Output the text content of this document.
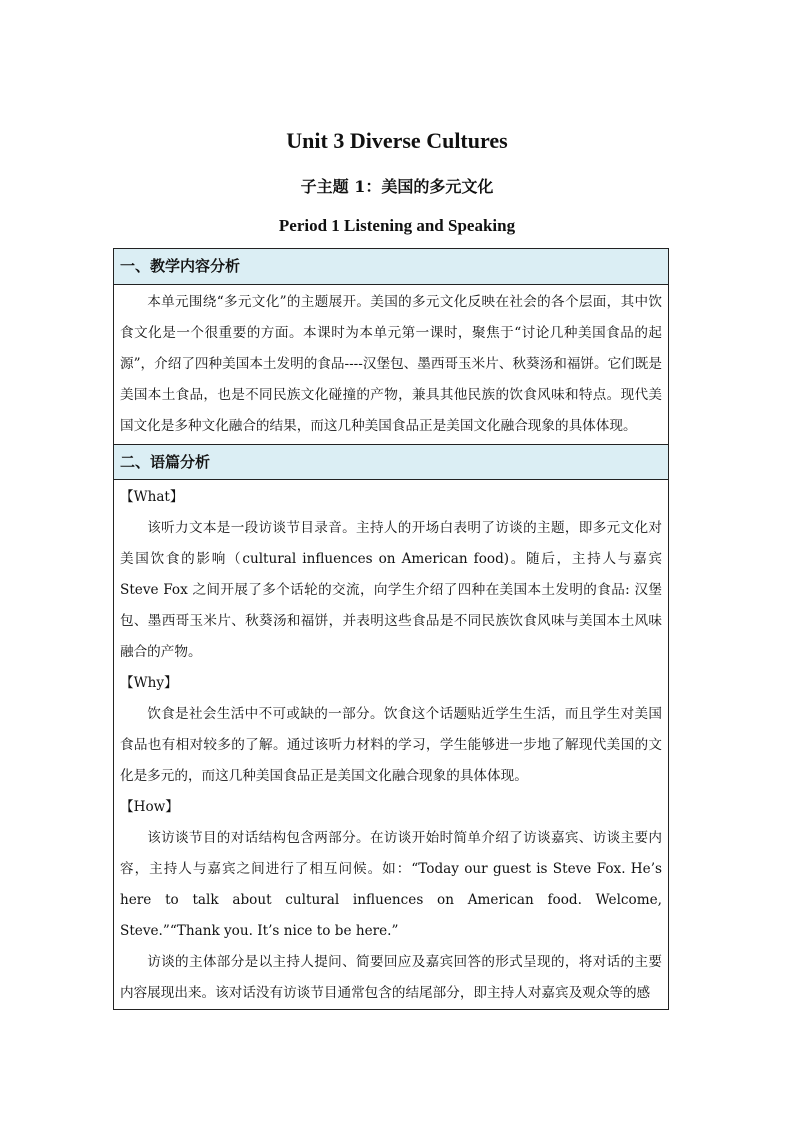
Unit 3 Diverse Cultures
子主题 1：美国的多元文化
Period 1 Listening and Speaking
一、教学内容分析

本单元围绕“多元文化”的主题展开。美国的多元文化反映在社会的各个层面，其中饮食文化是一个很重要的方面。本课时为本单元第一课时，聚焦于“讨论几种美国食品的起源”，介绍了四种美国本土发明的食品----汉堡包、墨西哥玉米片、秋葵汤和福饼。它们既是美国本土食品，也是不同民族文化碰撞的产物，兼具其他民族的饮食风味和特点。现代美国文化是多种文化融合的结果，而这几种美国食品正是美国文化融合现象的具体体现。

二、语篇分析
【What】

该听力文本是一段访谈节目录音。主持人的开场白表明了访谈的主题，即多元文化对美国饮食的影响（cultural influences on American food)。随后，主持人与嘉宾 Steve Fox 之间开展了多个话轮的交流，向学生介绍了四种在美国本土发明的食品: 汉堡包、墨西哥玉米片、秋葵汤和福饼，并表明这些食品是不同民族饮食风味与美国本土风味融合的产物。

【Why】

饮食是社会生活中不可或缺的一部分。饮食这个话题贴近学生生活，而且学生对美国食品也有相对较多的了解。通过该听力材料的学习，学生能够进一步地了解现代美国的文化是多元的，而这几种美国食品正是美国文化融合现象的具体体现。

【How】

该访谈节目的对话结构包含两部分。在访谈开始时简单介绍了访谈嘉宾、访谈主要内容，主持人与嘉宾之间进行了相互问候。如：“Today our guest is Steve Fox. He’s here to talk about cultural influences on American food. Welcome, Steve.”“Thank you. It’s nice to be here.”

访谈的主体部分是以主持人提问、简要回应及嘉宾回答的形式呈现的，将对话的主要内容展现出来。该对话没有访谈节目通常包含的结尾部分，即主持人对嘉宾及观众等的感
